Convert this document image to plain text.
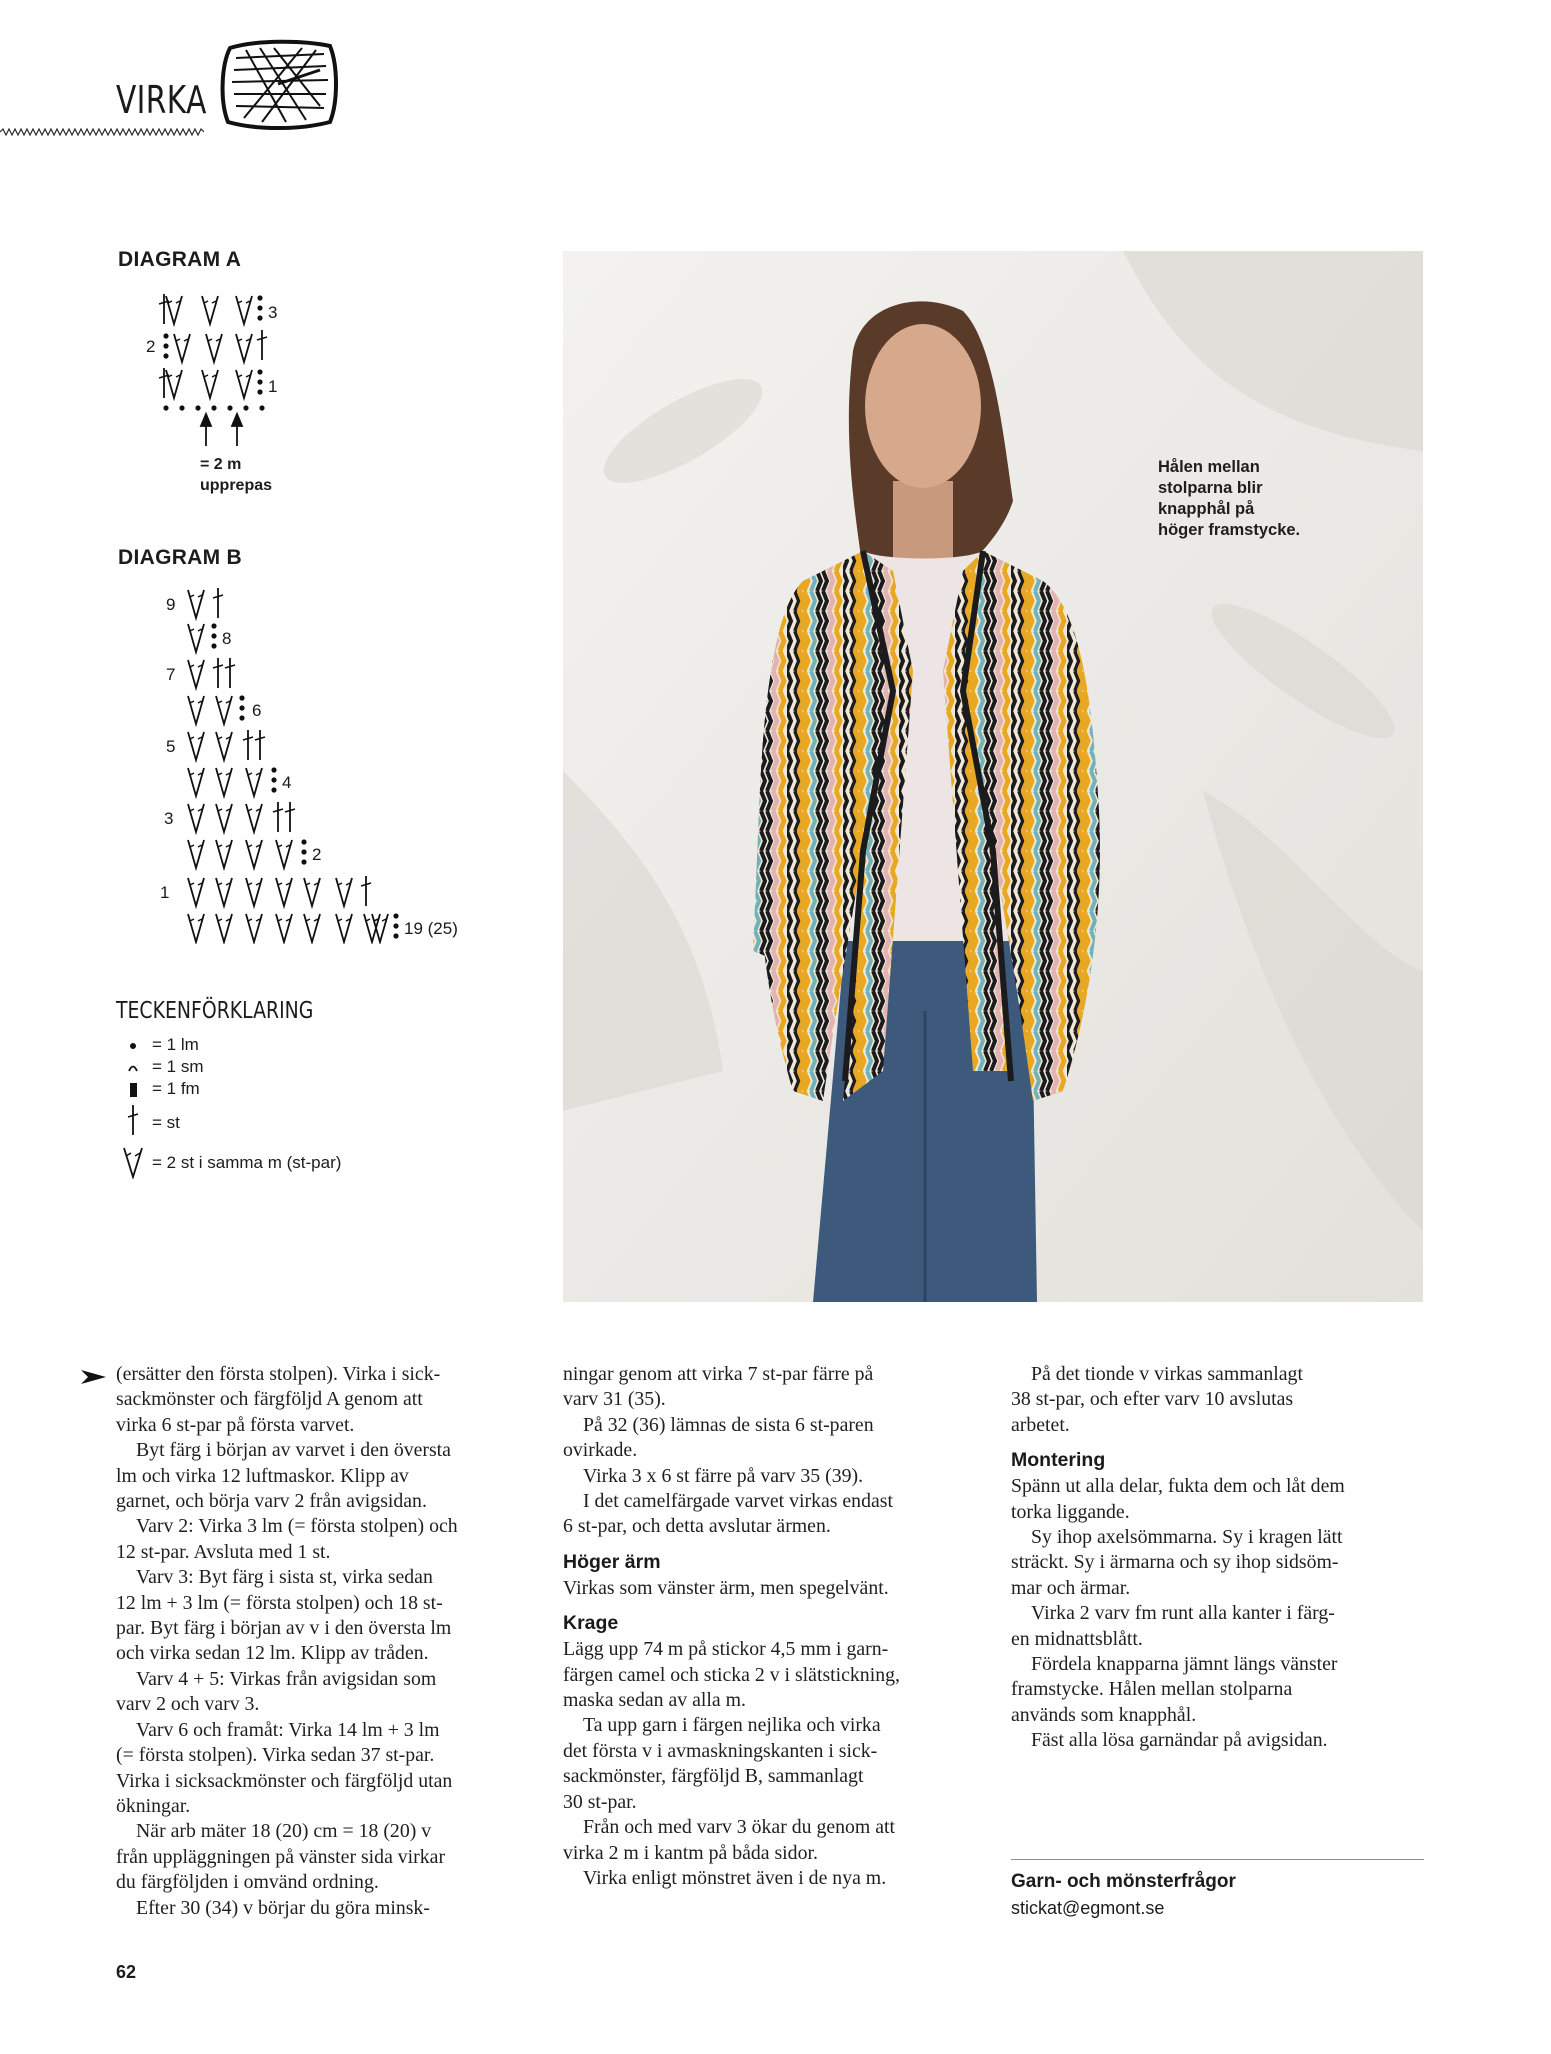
VIRKA
DIAGRAM A
3
2
1
= 2 m
upprepas
DIAGRAM B
9
8
7
6
5
4
3
2
1
19 (25)
TECKENFÖRKLARING
= 1 lm
= 1 sm
= 1 fm
= st
= 2 st i samma m (st-par)
Hålen mellan
stolparna blir
knapphål på
höger framstycke.

(ersätter den första stolpen). Virka i sick-

sackmönster och färgföljd A genom att

virka 6 st-par på första varvet.

Byt färg i början av varvet i den översta

lm och virka 12 luftmaskor. Klipp av

garnet, och börja varv 2 från avigsidan.

Varv 2: Virka 3 lm (= första stolpen) och

12 st-par. Avsluta med 1 st.

Varv 3: Byt färg i sista st, virka sedan

12 lm + 3 lm (= första stolpen) och 18 st-

par. Byt färg i början av v i den översta lm

och virka sedan 12 lm. Klipp av tråden.

Varv 4 + 5: Virkas från avigsidan som

varv 2 och varv 3.

Varv 6 och framåt: Virka 14 lm + 3 lm

(= första stolpen). Virka sedan 37 st-par.

Virka i sicksackmönster och färgföljd utan

ökningar.

När arb mäter 18 (20) cm = 18 (20) v

från uppläggningen på vänster sida virkar

du färgföljden i omvänd ordning.

Efter 30 (34) v börjar du göra minsk-

ningar genom att virka 7 st-par färre på

varv 31 (35).

På 32 (36) lämnas de sista 6 st-paren

ovirkade.

Virka 3 x 6 st färre på varv 35 (39).

I det camelfärgade varvet virkas endast

6 st-par, och detta avslutar ärmen.

Höger ärm

Virkas som vänster ärm, men spegelvänt.

Krage

Lägg upp 74 m på stickor 4,5 mm i garn-

färgen camel och sticka 2 v i slätstickning,

maska sedan av alla m.

Ta upp garn i färgen nejlika och virka

det första v i avmaskningskanten i sick-

sackmönster, färgföljd B, sammanlagt

30 st-par.

Från och med varv 3 ökar du genom att

virka 2 m i kantm på båda sidor.

Virka enligt mönstret även i de nya m.

På det tionde v virkas sammanlagt

38 st-par, och efter varv 10 avslutas

arbetet.

Montering

Spänn ut alla delar, fukta dem och låt dem

torka liggande.

Sy ihop axelsömmarna. Sy i kragen lätt

sträckt. Sy i ärmarna och sy ihop sidsöm-

mar och ärmar.

Virka 2 varv fm runt alla kanter i färg-

en midnattsblått.

Fördela knapparna jämnt längs vänster

framstycke. Hålen mellan stolparna

används som knapphål.

Fäst alla lösa garnändar på avigsidan.

Garn- och mönsterfrågor
stickat@egmont.se
62
